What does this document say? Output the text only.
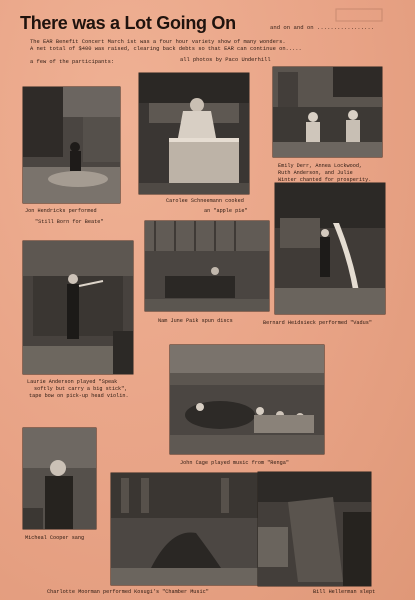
There was a Lot Going On	and on and on .................
The EAR Benefit Concert March 1st was a four hour variety show of many wonders.
A net total of $400 was raised, clearing back debts so that EAR can continue on.....
a few of the participants:	all photos by Paco Underhill
Jon Hendricks performed
"Still Born for Beate"
Carolee Schneemann cooked
an "apple pie"
Emily Derr, Annea Lockwood,
Ruth Anderson, and Julie
Winter chanted for prosperity.
Laurie Anderson played "Speak
softly but carry a big stick",
tape bow on pick-up head violin.
Nam June Paik spun discs	Bernard Heidsieck performed "Vadus"
John Cage played music from "Renga"
Micheal Cooper sang
Charlotte Moorman performed Kosugi's "Chamber Music"	Bill Hellerman slept
